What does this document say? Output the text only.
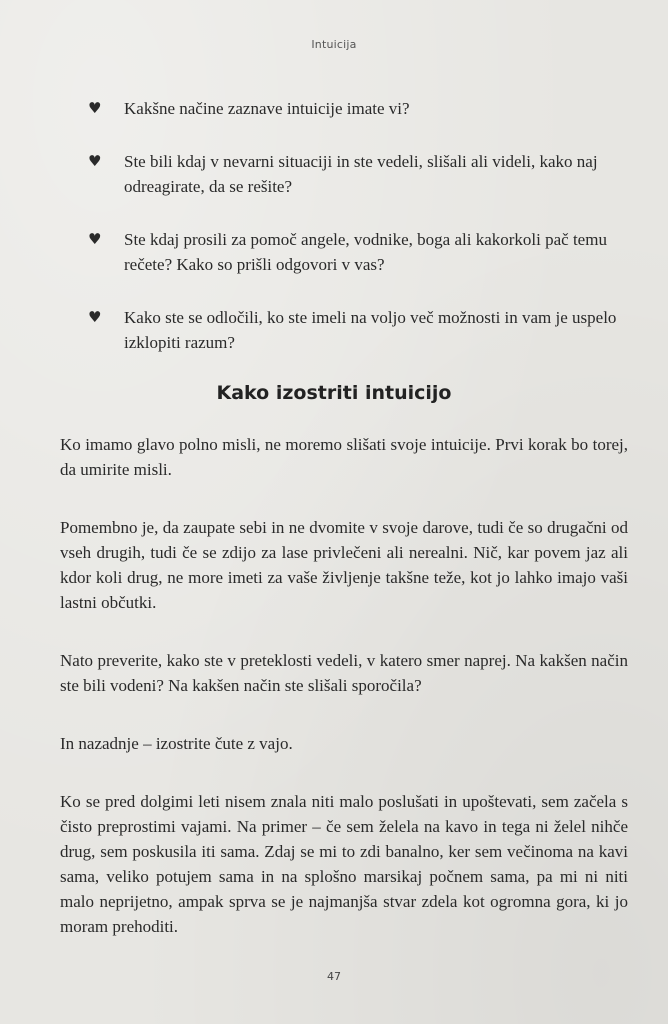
Intuicija
♥ Kakšne načine zaznave intuicije imate vi?
♥ Ste bili kdaj v nevarni situaciji in ste vedeli, slišali ali videli, kako naj odreagirate, da se rešite?
♥ Ste kdaj prosili za pomoč angele, vodnike, boga ali kakorkoli pač temu rečete? Kako so prišli odgovori v vas?
♥ Kako ste se odločili, ko ste imeli na voljo več možnosti in vam je uspelo izklopiti razum?
Kako izostriti intuicijo

Ko imamo glavo polno misli, ne moremo slišati svoje intuicije. Prvi korak bo torej, da umirite misli.

Pomembno je, da zaupate sebi in ne dvomite v svoje darove, tudi če so drugačni od vseh drugih, tudi če se zdijo za lase privlečeni ali nerealni. Nič, kar povem jaz ali kdor koli drug, ne more imeti za vaše življenje takšne teže, kot jo lahko imajo vaši lastni občutki.

Nato preverite, kako ste v preteklosti vedeli, v katero smer naprej. Na kakšen način ste bili vodeni? Na kakšen način ste slišali sporočila?

In nazadnje – izostrite čute z vajo.

Ko se pred dolgimi leti nisem znala niti malo poslušati in upoštevati, sem začela s čisto preprostimi vajami. Na primer – če sem želela na kavo in tega ni želel nihče drug, sem poskusila iti sama. Zdaj se mi to zdi banalno, ker sem večinoma na kavi sama, veliko potujem sama in na splošno marsikaj počnem sama, pa mi ni niti malo neprijetno, ampak sprva se je najmanjša stvar zdela kot ogromna gora, ki jo moram prehoditi.

47
